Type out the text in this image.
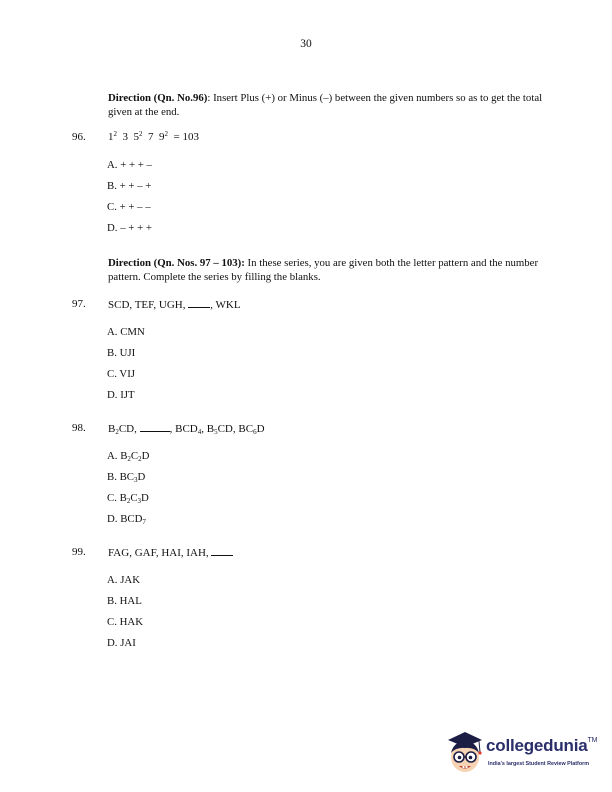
30
Direction (Qn. No.96): Insert Plus (+) or Minus (–) between the given numbers so as to get the total given at the end.
96. $1^2$ 3 $5^2$ 7 $9^2 = 103$
A. + + + –
B. + + – +
C. + + – –
D. – + + +
Direction (Qn. Nos. 97 – 103): In these series, you are given both the letter pattern and the number pattern. Complete the series by filling the blanks.
97. SCD, TEF, UGH, , WKL
A. CMN
B. UJI
C. VIJ
D. IJT
98. $B_2CD$,	, $BCD_4$, $B_5CD$, $BC_6D$
A. $B_2C_2D$
B. $BC_3D$
C. $B_2C_3D$
D. $BCD_7$
99. FAG, GAF, HAI, IAH,
A. JAK
B. HAL
C. HAK
D. JAI
collegedunia™
India's largest Student Review Platform
